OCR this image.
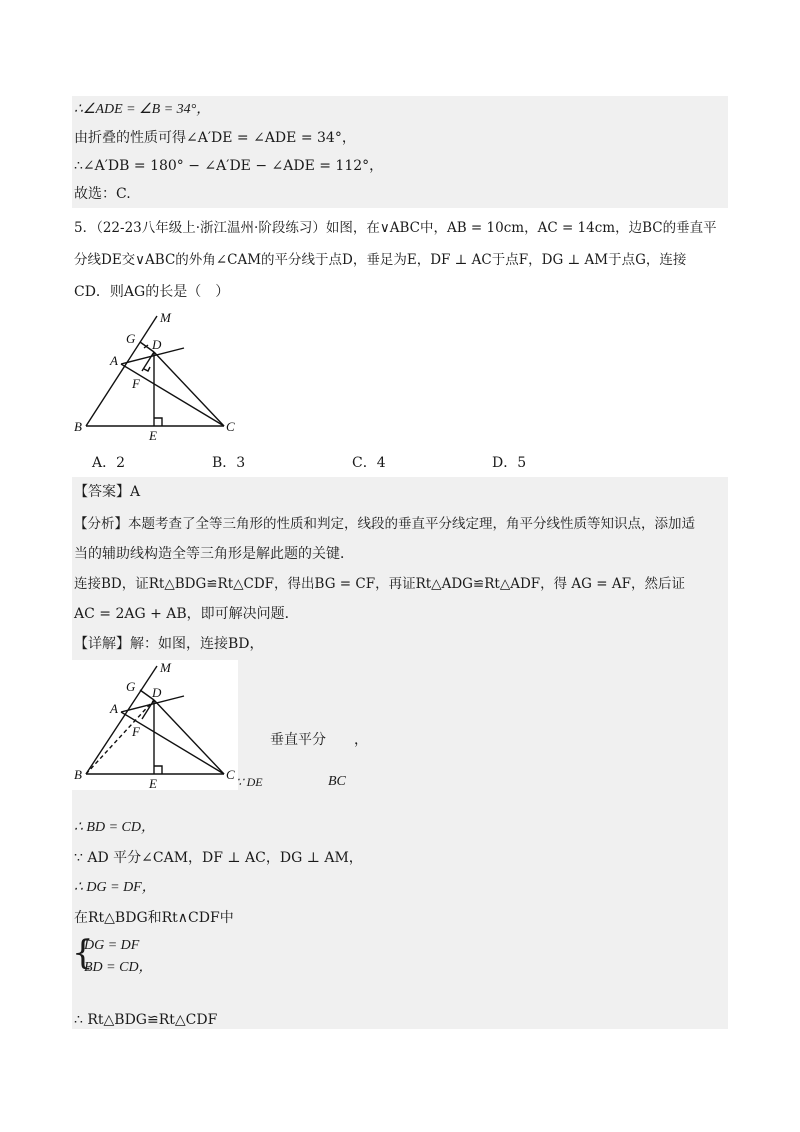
∴∠ADE = ∠B = 34°，
由折叠的性质可得∠A′DE = ∠ADE = 34°，
∴∠A′DB = 180° − ∠A′DE − ∠ADE = 112°，
故选：C.
5．（22-23八年级上·浙江温州·阶段练习）如图，在∨ABC中，AB = 10cm，AC = 14cm，边BC的垂直平
分线DE交∨ABC的外角∠CAM的平分线于点D，垂足为E，DF ⊥ AC于点F，DG ⊥ AM于点G，连接
CD．则AG的长是（　）
M
G D
A
F
B
E
C
A．2	B．3	C．4	D．5
【答案】A
【分析】本题考查了全等三角形的性质和判定，线段的垂直平分线定理，角平分线性质等知识点，添加适
当的辅助线构造全等三角形是解此题的关键．
连接BD，证Rt△BDG≌Rt△CDF，得出BG = CF，再证Rt△ADG≌Rt△ADF，得 AG = AF，然后证
AC = 2AG + AB，即可解决问题．
【详解】解：如图，连接BD，
M
G D
A
F
B
E
C
垂直平分　　，
∵ DE	BC
∴ BD = CD，
∵ AD 平分∠CAM，DF ⊥ AC，DG ⊥ AM，
∴ DG = DF，
在Rt△BDG和Rt∧CDF中
{
DG = DF
BD = CD，
∴ Rt△BDG≌Rt△CDF
